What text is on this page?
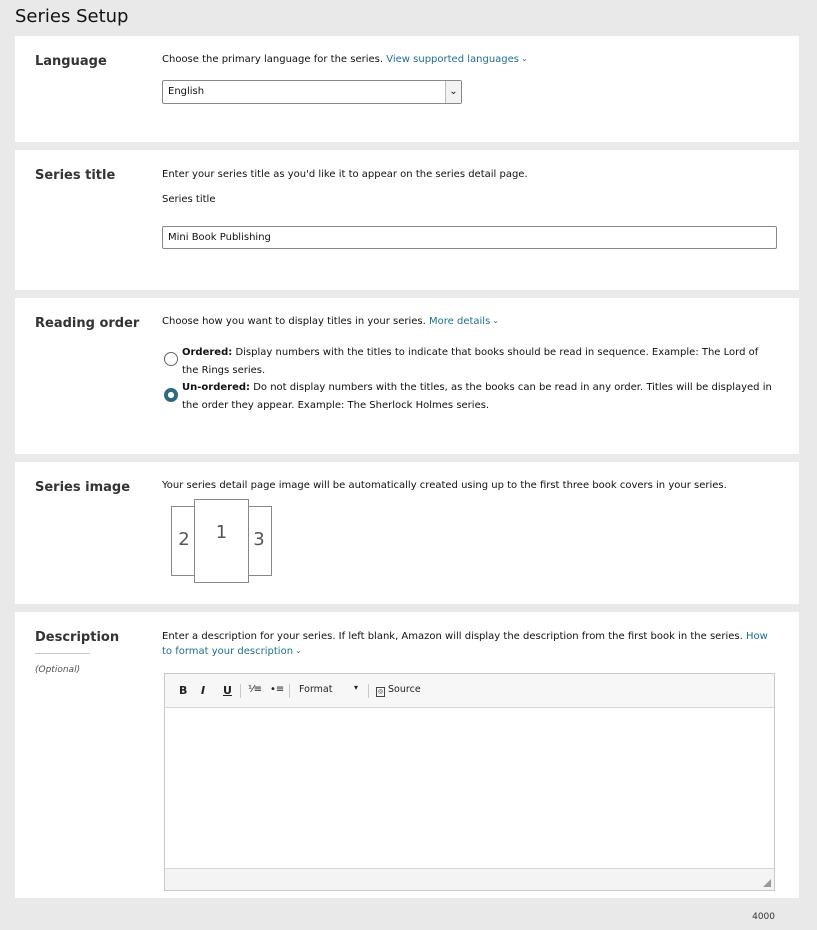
Series Setup
Language	Choose the primary language for the series. View supported languages ⌄
English	⌄
Series title	Enter your series title as you'd like it to appear on the series detail page.
Series title
Mini Book Publishing
Reading order Choose how you want to display titles in your series. More details ⌄
Ordered: Display numbers with the titles to indicate that books should be read in sequence. Example: The Lord of the Rings series.
Un-ordered: Do not display numbers with the titles, as the books can be read in any order. Titles will be displayed in the order they appear. Example: The Sherlock Holmes series.
Series image	Your series detail page image will be automatically created using up to the first three book covers in your series.
2	3
1
Description
(Optional)
Enter a description for your series. If left blank, Amazon will display the description from the first book in the series. How to format your description ⌄
B I U ⅟≡ •≡ Format	▾	◎ Source
4000
